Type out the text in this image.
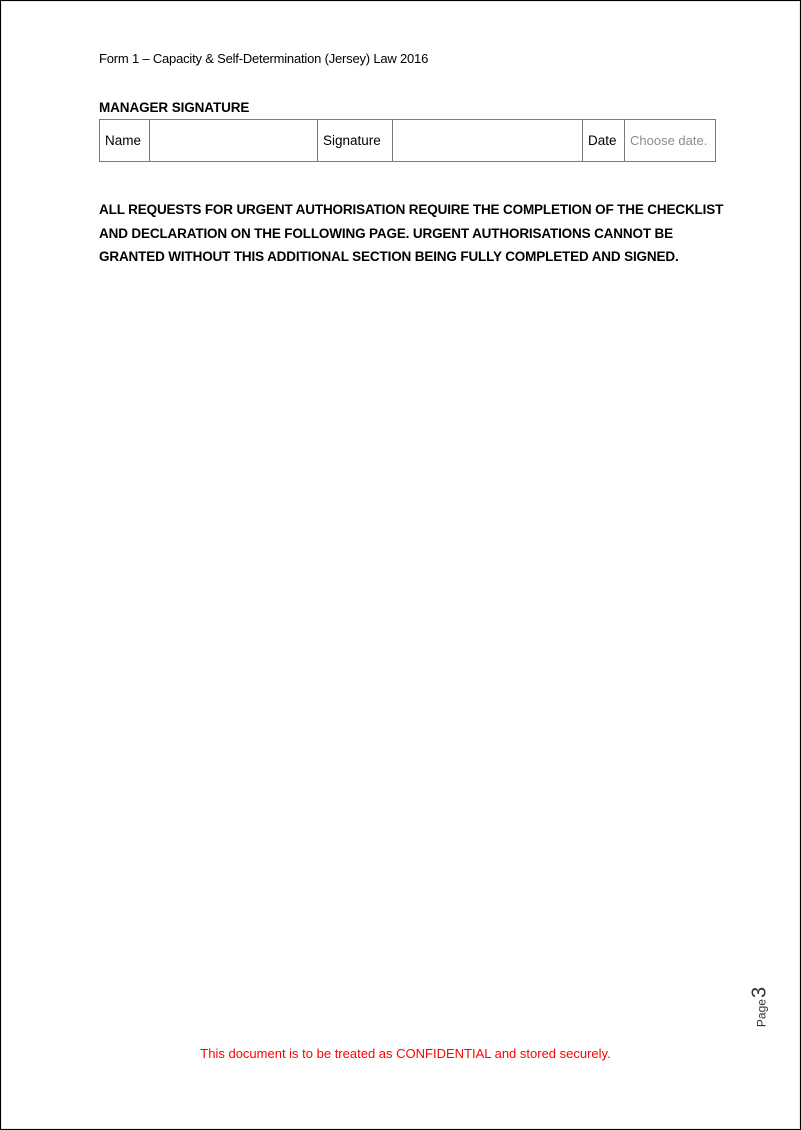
Form 1 – Capacity & Self-Determination (Jersey) Law 2016
MANAGER SIGNATURE
Name		Signature		Date	Choose date.
ALL REQUESTS FOR URGENT AUTHORISATION REQUIRE THE COMPLETION OF THE CHECKLIST
AND DECLARATION ON THE FOLLOWING PAGE. URGENT AUTHORISATIONS CANNOT BE
GRANTED WITHOUT THIS ADDITIONAL SECTION BEING FULLY COMPLETED AND SIGNED.
Page3
This document is to be treated as CONFIDENTIAL and stored securely.
